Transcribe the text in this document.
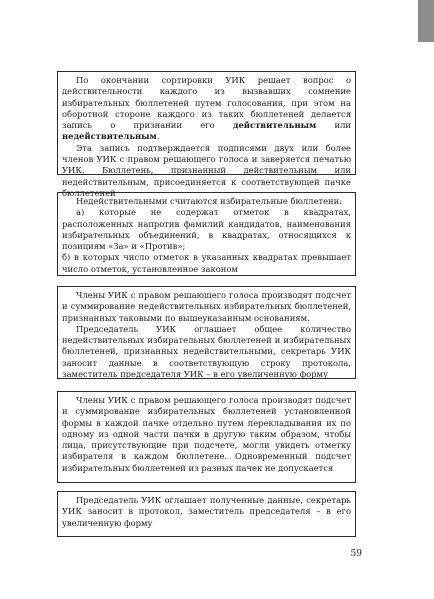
По окончании сортировки УИК решает вопрос о действительности каждого из вызвавших сомнение избирательных бюллетеней путем голосования, при этом на оборотной стороне каждого из таких бюллетеней делается запись о признании его действительным или недействительным.

Эта запись подтверждается подписями двух или более членов УИК с правом решающего голоса и заверяется печатью УИК. Бюллетень, признанный действительным или недействительным, присоединяется к соответствующей пачке бюллетеней

Недействительными считаются избирательные бюллетени:

а) которые не содержат отметок в квадратах, расположенных напротив фамилий кандидатов, наименования избирательных объединений, в квадратах, относящихся к позициям «За» и «Против»;

б) в которых число отметок в указанных квадратах превышает число отметок, установленное законом

Члены УИК с правом решающего голоса производят подсчет и суммирование недействительных избирательных бюллетеней, признанных таковыми по вышеуказанным основаниям.

Председатель УИК оглашает общее количество недействительных избирательных бюллетеней и избирательных бюллетеней, признанных недействительными, секретарь УИК заносит данные в соответствующую строку протокола, заместитель председателя УИК – в его увеличенную форму

Члены УИК с правом решающего голоса производят подсчет и суммирование избирательных бюллетеней установленной формы в каждой пачке отдельно путем перекладывания их по одному из одной части пачки в другую таким образом, чтобы лица, присутствующие при подсчете, могли увидеть отметку избирателя в каждом бюллетене. Одновременный подсчет избирательных бюллетеней из разных пачек не допускается

Председатель УИК оглашает полученные данные, секретарь УИК заносит в протокол, заместитель председателя – в его увеличенную форму

59
